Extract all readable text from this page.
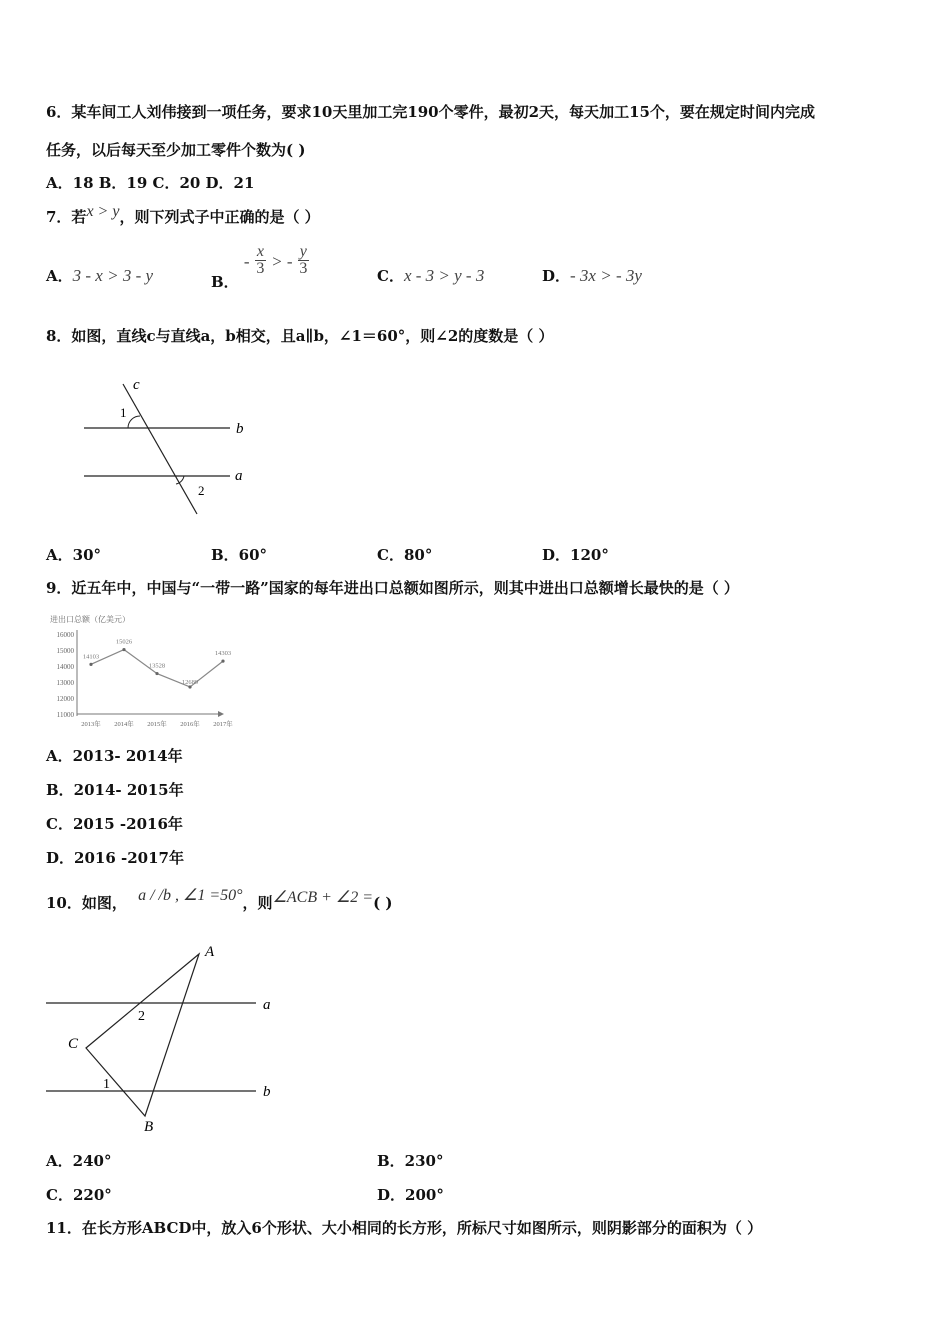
6．某车间工人刘伟接到一项任务，要求10天里加工完190个零件，最初2天，每天加工15个，要在规定时间内完成
任务，以后每天至少加工零件个数为( )
A．18 B．19 C．20 D．21
7．若x > y，则下列式子中正确的是（ ）
A．3 - x > 3 - y	B． - $\frac{x}{3}$ > - $\frac{y}{3}$	C．x - 3 > y - 3	D．- 3x > - 3y
8．如图，直线c与直线a，b相交，且a∥b，∠1＝60°，则∠2的度数是（ ）
c
b
a
1
2
A．30°	B．60°	C．80°	D．120°
9．近五年中，中国与“一带一路”国家的每年进出口总额如图所示，则其中进出口总额增长最快的是（ ）
进出口总额（亿美元）
16000
15000
14000
13000
12000
11000
2013年 2014年 2015年 2016年 2017年
14103
15026
13528
12689
14303
A．2013- 2014年
B．2014- 2015年
C．2015 -2016年
D．2016 -2017年
10．如图， a / /b , ∠1 =50°，则∠ACB + ∠2 =( )
A
C
B
a
b
2
1
A．240°	B．230°
C．220°	D．200°
11．在长方形ABCD中，放入6个形状、大小相同的长方形，所标尺寸如图所示，则阴影部分的面积为（ ）
